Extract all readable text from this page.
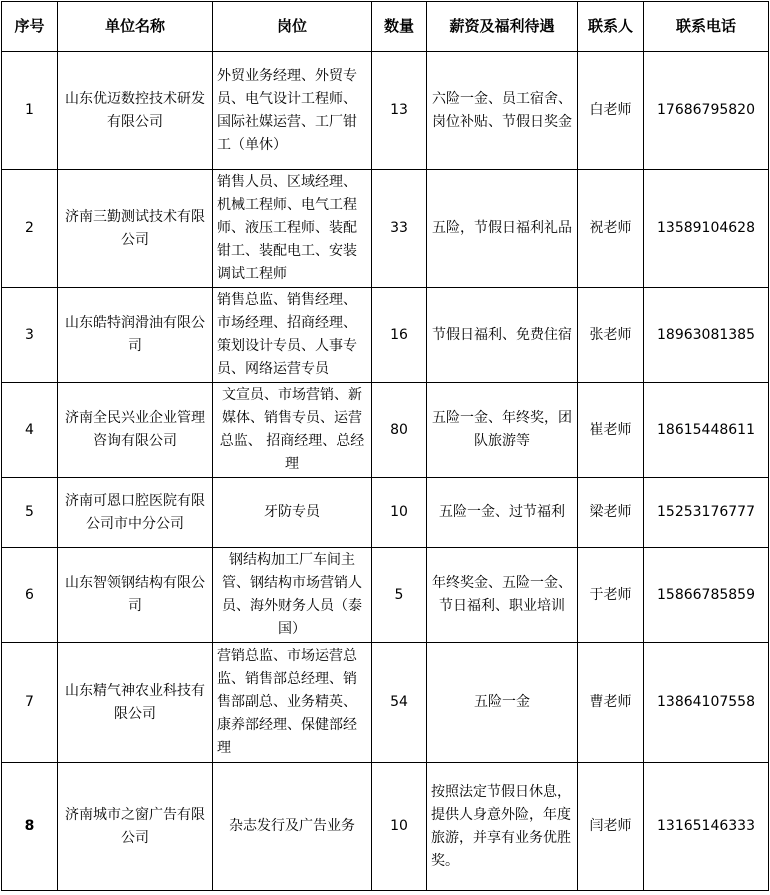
序号	单位名称	岗位	数量	薪资及福利待遇	联系人	联系电话
1	山东优迈数控技术研发有限公司	外贸业务经理、外贸专员、电气设计工程师、国际社媒运营、工厂钳工（单休）	13	六险一金、员工宿舍、岗位补贴、节假日奖金	白老师	17686795820
2	济南三勤测试技术有限公司	销售人员、区域经理、机械工程师、电气工程师、液压工程师、装配钳工、装配电工、安装调试工程师	33	五险，节假日福利礼品	祝老师	13589104628
3	山东皓特润滑油有限公司	销售总监、销售经理、市场经理、招商经理、策划设计专员、人事专员、网络运营专员	16	节假日福利、免费住宿	张老师	18963081385
4	济南全民兴业企业管理咨询有限公司	文宣员、市场营销、新媒体、销售专员、运营总监、 招商经理、总经理	80	五险一金、年终奖，团队旅游等	崔老师	18615448611
5	济南可恩口腔医院有限公司市中分公司	牙防专员	10	五险一金、过节福利	梁老师	15253176777
6	山东智领钢结构有限公司	钢结构加工厂车间主管、钢结构市场营销人员、海外财务人员（泰国）	5	年终奖金、五险一金、节日福利、职业培训	于老师	15866785859
7	山东精气神农业科技有限公司	营销总监、市场运营总监、销售部总经理、销售部副总、业务精英、康养部经理、保健部经理	54	五险一金	曹老师	13864107558
8	济南城市之窗广告有限公司	杂志发行及广告业务	10	按照法定节假日休息，提供人身意外险，年度旅游，并享有业务优胜奖。	闫老师	13165146333
